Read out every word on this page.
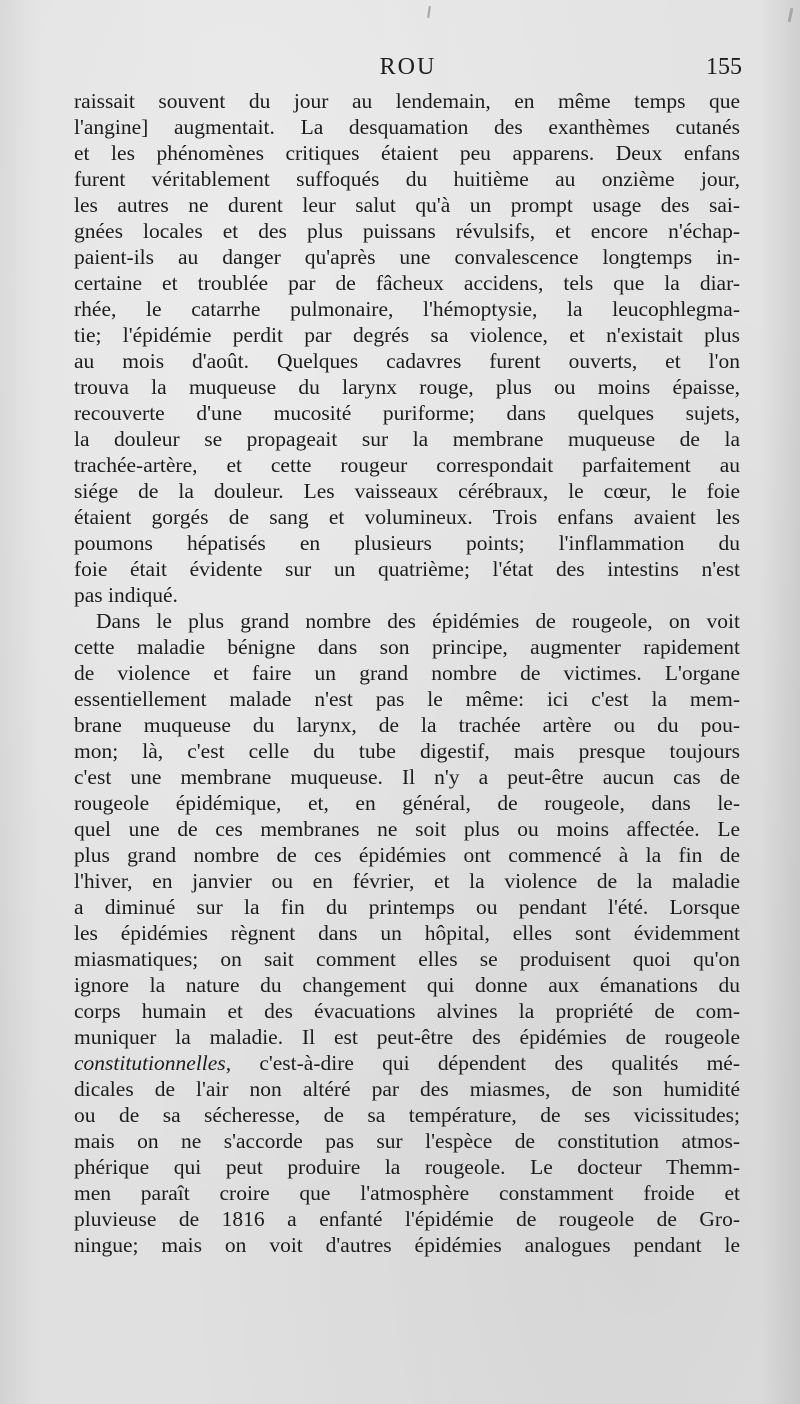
ROU	155
raissait souvent du jour au lendemain, en même temps que
l'angine] augmentait. La desquamation des exanthèmes cutanés
et les phénomènes critiques étaient peu apparens. Deux enfans
furent véritablement suffoqués du huitième au onzième jour,
les autres ne durent leur salut qu'à un prompt usage des sai-
gnées locales et des plus puissans révulsifs, et encore n'échap-
paient-ils au danger qu'après une convalescence longtemps in-
certaine et troublée par de fâcheux accidens, tels que la diar-
rhée, le catarrhe pulmonaire, l'hémoptysie, la leucophlegma-
tie; l'épidémie perdit par degrés sa violence, et n'existait plus
au mois d'août. Quelques cadavres furent ouverts, et l'on
trouva la muqueuse du larynx rouge, plus ou moins épaisse,
recouverte d'une mucosité puriforme; dans quelques sujets,
la douleur se propageait sur la membrane muqueuse de la
trachée-artère, et cette rougeur correspondait parfaitement au
siége de la douleur. Les vaisseaux cérébraux, le cœur, le foie
étaient gorgés de sang et volumineux. Trois enfans avaient les
poumons hépatisés en plusieurs points; l'inflammation du
foie était évidente sur un quatrième; l'état des intestins n'est
pas indiqué.
Dans le plus grand nombre des épidémies de rougeole, on voit
cette maladie bénigne dans son principe, augmenter rapidement
de violence et faire un grand nombre de victimes. L'organe
essentiellement malade n'est pas le même: ici c'est la mem-
brane muqueuse du larynx, de la trachée artère ou du pou-
mon; là, c'est celle du tube digestif, mais presque toujours
c'est une membrane muqueuse. Il n'y a peut-être aucun cas de
rougeole épidémique, et, en général, de rougeole, dans le-
quel une de ces membranes ne soit plus ou moins affectée. Le
plus grand nombre de ces épidémies ont commencé à la fin de
l'hiver, en janvier ou en février, et la violence de la maladie
a diminué sur la fin du printemps ou pendant l'été. Lorsque
les épidémies règnent dans un hôpital, elles sont évidemment
miasmatiques; on sait comment elles se produisent quoi qu'on
ignore la nature du changement qui donne aux émanations du
corps humain et des évacuations alvines la propriété de com-
muniquer la maladie. Il est peut-être des épidémies de rougeole
constitutionnelles, c'est-à-dire qui dépendent des qualités mé-
dicales de l'air non altéré par des miasmes, de son humidité
ou de sa sécheresse, de sa température, de ses vicissitudes;
mais on ne s'accorde pas sur l'espèce de constitution atmos-
phérique qui peut produire la rougeole. Le docteur Themm-
men paraît croire que l'atmosphère constamment froide et
pluvieuse de 1816 a enfanté l'épidémie de rougeole de Gro-
ningue; mais on voit d'autres épidémies analogues pendant le
